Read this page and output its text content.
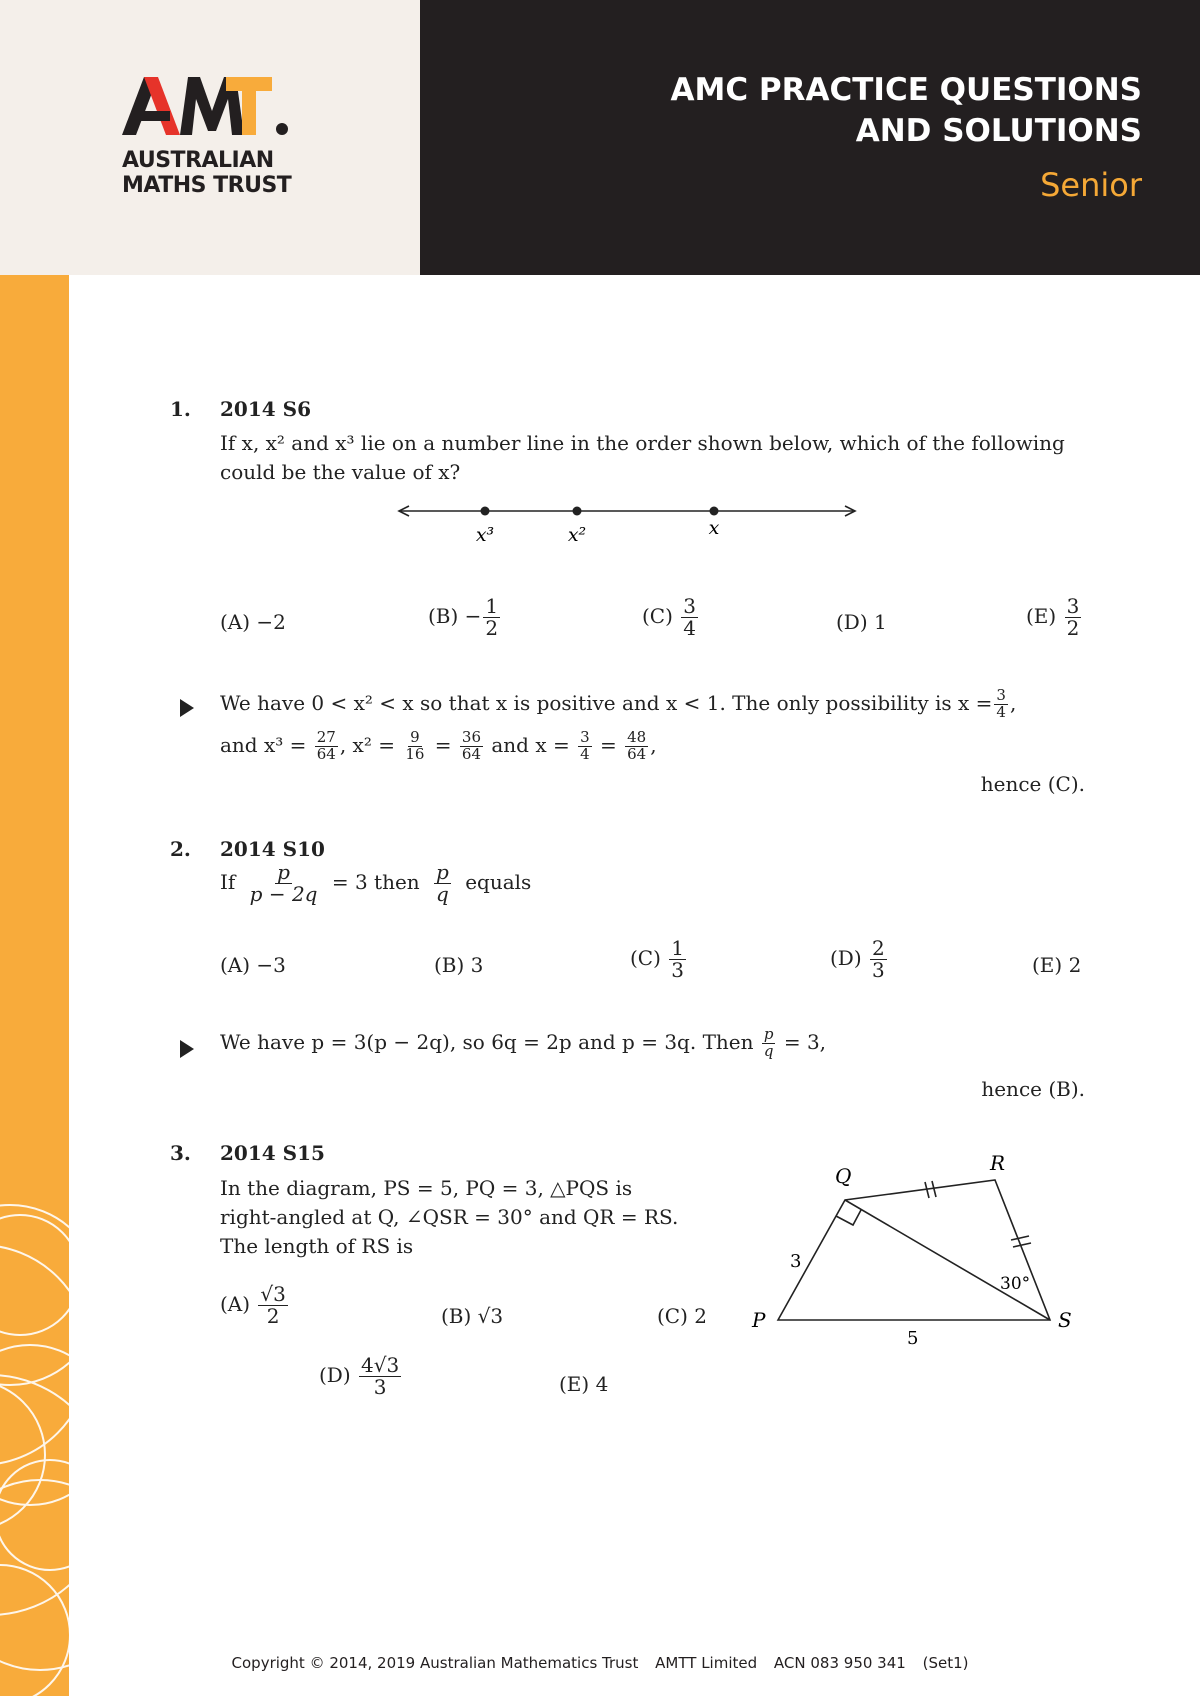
AMT
AUSTRALIAN
MATHS TRUST
AMC PRACTICE QUESTIONS
AND SOLUTIONS
Senior
1. 2014 S6
If x, x² and x³ lie on a number line in the order shown below, which of the following
could be the value of x?
x³	x²	x
(A) −2	$(B) - \frac{1}{2}$	$(C) \frac{3}{4}$	(D) 1	$(E) \frac{3}{2}$
We have 0 < x² < x so that x is positive and x < 1. The only possibility is $x = \frac{3}{4}$ ,
and $x^3 = \frac{27}{64}$ , $x^2 = \frac{9}{16} = \frac{36}{64}$ and $x = \frac{3}{4} = \frac{48}{64}$ ,
hence (C).
2. 2014 S10
If $\frac{p}{p - 2q} = 3$ then $\frac{p}{q}$ equals
(A) −3	(B) 3	$(C) \frac{1}{3}$	$(D) \frac{2}{3}$	(E) 2
We have p = 3(p − 2q), so 6q = 2p and p = 3q. Then $\frac{p}{q} = 3$,
hence (B).
3. 2014 S15
In the diagram, PS = 5, PQ = 3, △PQS is
right-angled at Q, ∠QSR = 30° and QR = RS.
The length of RS is
$(A) \frac{√3}{2}$	(B) √3	(C) 2
$(D) \frac{4√3}{3}$	(E) 4
P
Q
R
S
3
5
30°
Copyright © 2014, 2019 Australian Mathematics Trust AMTT Limited ACN 083 950 341 (Set1)
